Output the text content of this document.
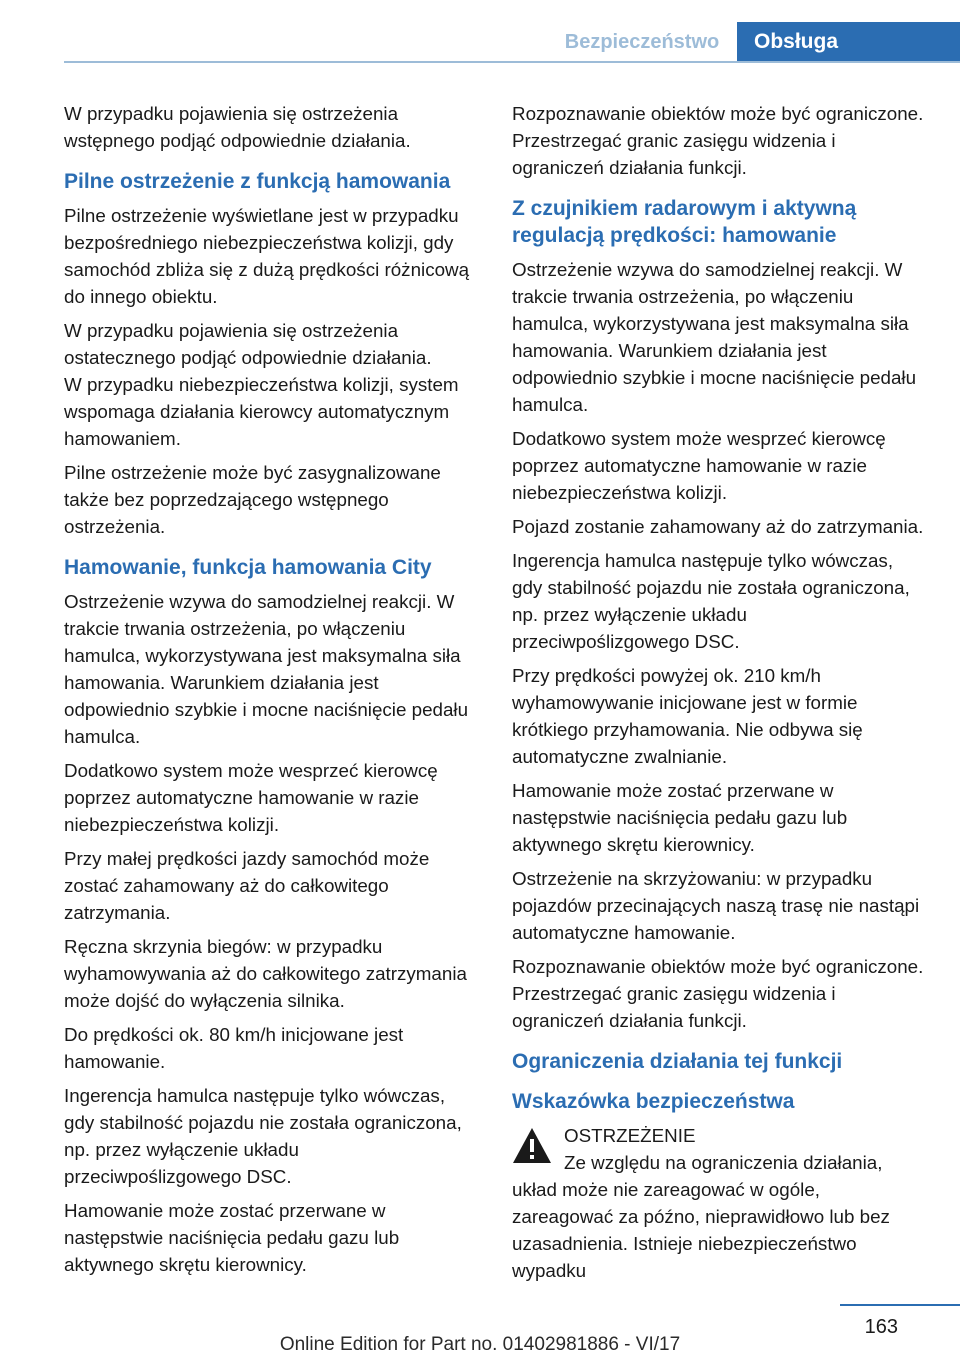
Bezpieczeństwo	Obsługa

W przypadku pojawienia się ostrzeżenia wstępnego podjąć odpowiednie działania.

Pilne ostrzeżenie z funkcją hamowania

Pilne ostrzeżenie wyświetlane jest w przypadku bezpośredniego niebezpieczeństwa kolizji, gdy samochód zbliża się z dużą prędkości różnicową do innego obiektu.

W przypadku pojawienia się ostrzeżenia ostatecznego podjąć odpowiednie działania.

W przypadku niebezpieczeństwa kolizji, system wspomaga działania kierowcy automatycznym hamowaniem.

Pilne ostrzeżenie może być zasygnalizowane także bez poprzedzającego wstępnego ostrzeżenia.

Hamowanie, funkcja hamowania City

Ostrzeżenie wzywa do samodzielnej reakcji. W trakcie trwania ostrzeżenia, po włączeniu hamulca, wykorzystywana jest maksymalna siła hamowania. Warunkiem działania jest odpowiednio szybkie i mocne naciśnięcie pedału hamulca.

Dodatkowo system może wesprzeć kierowcę poprzez automatyczne hamowanie w razie niebezpieczeństwa kolizji.

Przy małej prędkości jazdy samochód może zostać zahamowany aż do całkowitego zatrzymania.

Ręczna skrzynia biegów: w przypadku wyhamowywania aż do całkowitego zatrzymania może dojść do wyłączenia silnika.

Do prędkości ok. 80 km/h inicjowane jest hamowanie.

Ingerencja hamulca następuje tylko wówczas, gdy stabilność pojazdu nie została ograniczona, np. przez wyłączenie układu przeciwpoślizgowego DSC.

Hamowanie może zostać przerwane w następstwie naciśnięcia pedału gazu lub aktywnego skrętu kierownicy.

Rozpoznawanie obiektów może być ograniczone. Przestrzegać granic zasięgu widzenia i ograniczeń działania funkcji.

Z czujnikiem radarowym i aktywną regulacją prędkości: hamowanie

Ostrzeżenie wzywa do samodzielnej reakcji. W trakcie trwania ostrzeżenia, po włączeniu hamulca, wykorzystywana jest maksymalna siła hamowania. Warunkiem działania jest odpowiednio szybkie i mocne naciśnięcie pedału hamulca.

Dodatkowo system może wesprzeć kierowcę poprzez automatyczne hamowanie w razie niebezpieczeństwa kolizji.

Pojazd zostanie zahamowany aż do zatrzymania.

Ingerencja hamulca następuje tylko wówczas, gdy stabilność pojazdu nie została ograniczona, np. przez wyłączenie układu przeciwpoślizgowego DSC.

Przy prędkości powyżej ok. 210 km/h wyhamowywanie inicjowane jest w formie krótkiego przyhamowania. Nie odbywa się automatyczne zwalnianie.

Hamowanie może zostać przerwane w następstwie naciśnięcia pedału gazu lub aktywnego skrętu kierownicy.

Ostrzeżenie na skrzyżowaniu: w przypadku pojazdów przecinających naszą trasę nie nastąpi automatyczne hamowanie.

Rozpoznawanie obiektów może być ograniczone. Przestrzegać granic zasięgu widzenia i ograniczeń działania funkcji.

Ograniczenia działania tej funkcji
Wskazówka bezpieczeństwa

OSTRZEŻENIE
Ze względu na ograniczenia działania, układ może nie zareagować w ogóle, zareagować za późno, nieprawidłowo lub bez uzasadnienia. Istnieje niebezpieczeństwo wypadku

163
Online Edition for Part no. 01402981886 - VI/17
